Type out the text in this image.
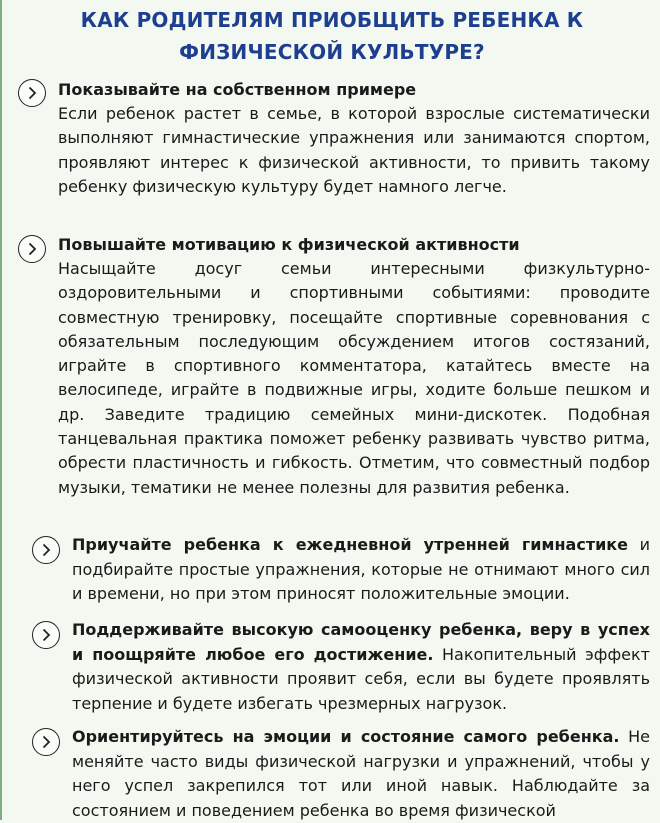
КАК РОДИТЕЛЯМ ПРИОБЩИТЬ РЕБЕНКА К ФИЗИЧЕСКОЙ КУЛЬТУРЕ?
Показывайте на собственном примере
Если ребенок растет в семье, в которой взрослые систематически выполняют гимнастические упражнения или занимаются спортом, проявляют интерес к физической активности, то привить такому ребенку физическую культуру будет намного легче.
Повышайте мотивацию к физической активности
Насыщайте досуг семьи интересными физкультурно-оздоровительными и спортивными событиями: проводите совместную тренировку, посещайте спортивные соревнования с обязательным последующим обсуждением итогов состязаний, играйте в спортивного комментатора, катайтесь вместе на велосипеде, играйте в подвижные игры, ходите больше пешком и др. Заведите традицию семейных мини-дискотек. Подобная танцевальная практика поможет ребенку развивать чувство ритма, обрести пластичность и гибкость. Отметим, что совместный подбор музыки, тематики не менее полезны для развития ребенка.
Приучайте ребенка к ежедневной утренней гимнастике и подбирайте простые упражнения, которые не отнимают много сил и времени, но при этом приносят положительные эмоции.
Поддерживайте высокую самооценку ребенка, веру в успех и поощряйте любое его достижение. Накопительный эффект физической активности проявит себя, если вы будете проявлять терпение и будете избегать чрезмерных нагрузок.
Ориентируйтесь на эмоции и состояние самого ребенка. Не меняйте часто виды физической нагрузки и упражнений, чтобы у него успел закрепился тот или иной навык. Наблюдайте за состоянием и поведением ребенка во время физической
